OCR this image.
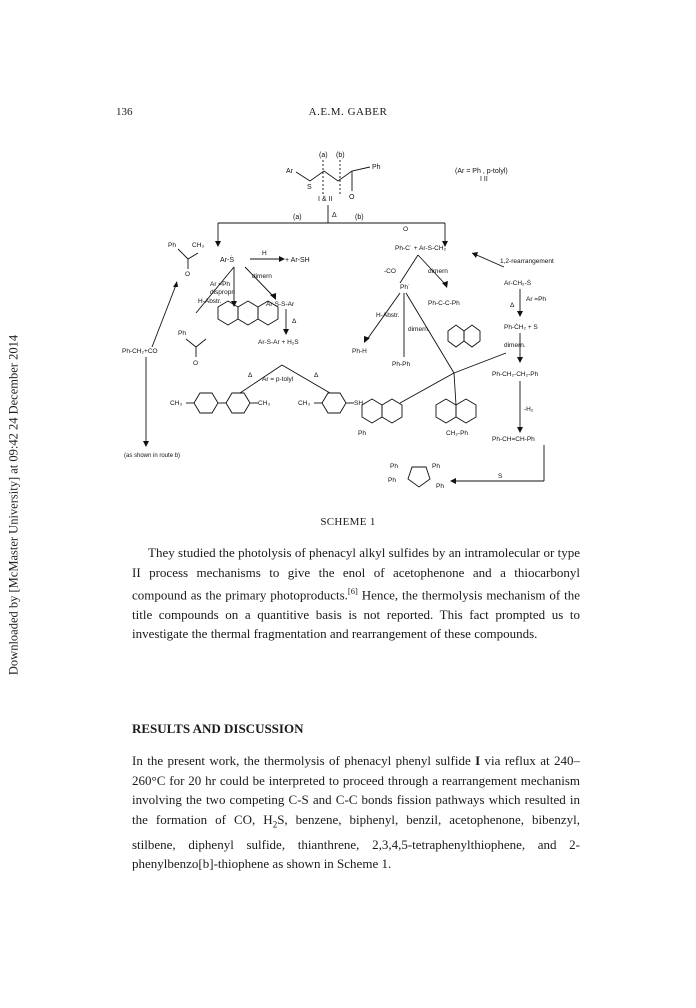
Downloaded by [McMaster University] at 09:42 24 December 2014
136	A.E.M. GABER
(a) (b)
Ar
S
O
Ph
I & II
(Ar = Ph , p-tolyl)
I II
(a)	Δ	(b)
Ph CH₃
O
Ar-Ṡ
H
+ Ar-SH
Ar =Ph
dispropn
H-Abstr.
dimern
Ar-S-S-Ar
Δ
Ar-S-Ar + H₂S
Ph
O
Ph-CH₂+CO
(as shown in route b)
Δ	Δ
Ar = p-tolyl
CH₃	CH₃	CH₃	SH
O
Ph-C˙ + Ar-S-CH₂
1,2-rearrangement
-CO	dimern
Ar-CH₂-Ṡ
Ar =Ph
Δ
Ph˙
Ph-C-C-Ph
H-Abstr.
dimern.
Ph-H
Ph-Ph
Ph-ĊH₂ + S
dimern.
Ph-CH₂-CH₂-Ph
-H₂
Ph	CH₂-Ph
Ph-CH=CH-Ph
S
Ph	Ph
Ph
Ph
SCHEME 1
They studied the photolysis of phenacyl alkyl sulfides by an intramolecular or type II process mechanisms to give the enol of acetophenone and a thiocarbonyl compound as the primary photoproducts.[6] Hence, the thermolysis mechanism of the title compounds on a quantitive basis is not reported. This fact prompted us to investigate the thermal fragmentation and rearrangement of these compounds.
RESULTS AND DISCUSSION
In the present work, the thermolysis of phenacyl phenyl sulfide I via reflux at 240–260°C for 20 hr could be interpreted to proceed through a rearrangement mechanism involving the two competing C-S and C-C bonds fission pathways which resulted in the formation of CO, $H_2S$, benzene, biphenyl, benzil, acetophenone, bibenzyl, stilbene, diphenyl sulfide, thianthrene, 2,3,4,5-tetraphenylthiophene, and 2-phenylbenzo[b]-thiophene as shown in Scheme 1.
